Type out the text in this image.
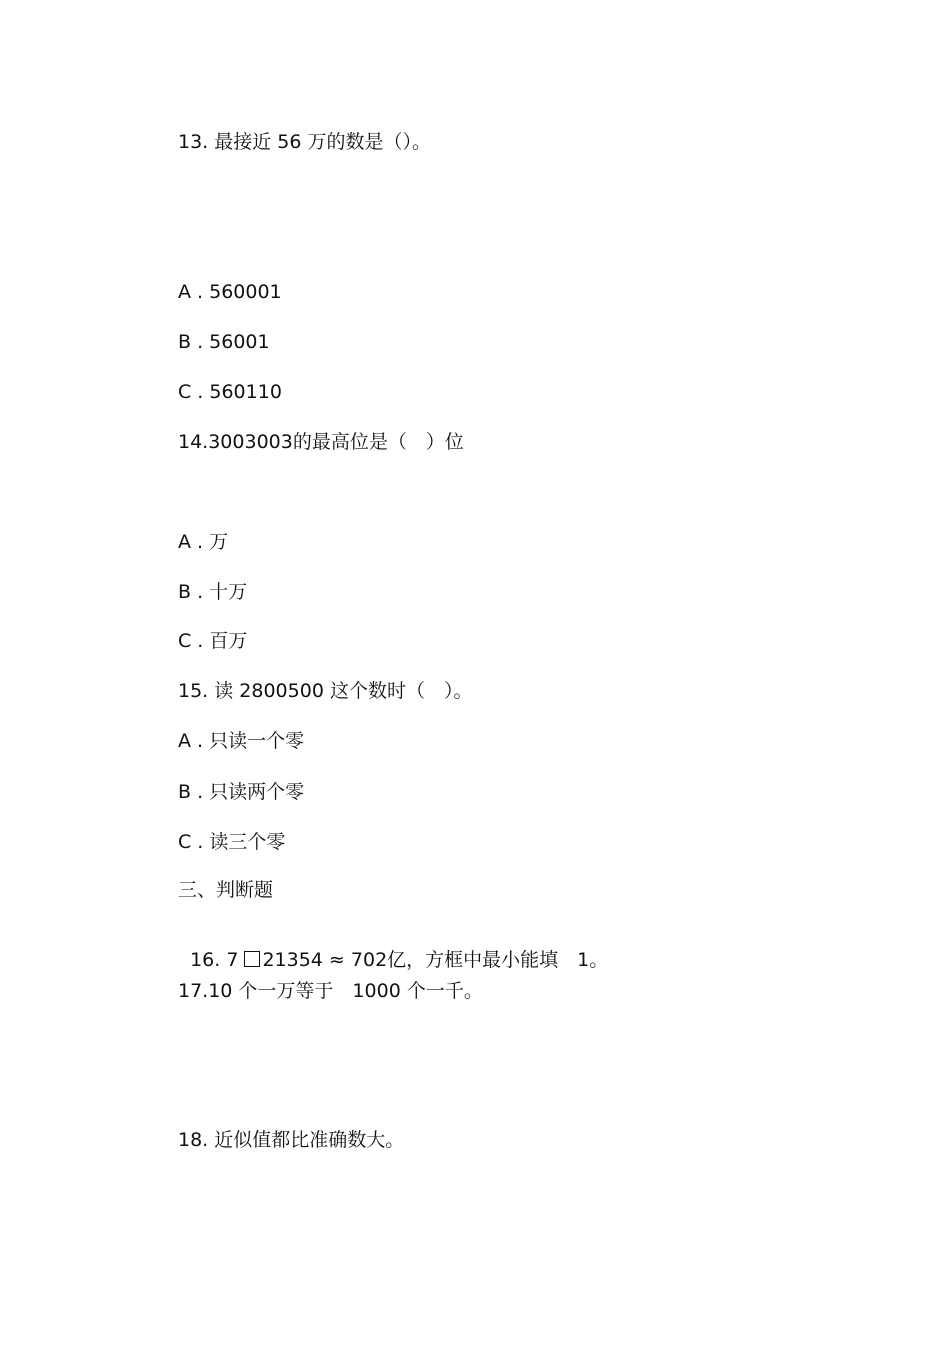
13. 最接近 56 万的数是（）。
A . 560001
B . 56001
C . 560110
14.3003003的最高位是（　）位
A . 万
B . 十万
C . 百万
15. 读 2800500 这个数时（　）。
A . 只读一个零
B . 只读两个零
C . 读三个零
三、判断题

16. 7 21354 ≈ 702亿，方框中最小能填　1。

17.10 个一万等于　1000 个一千。
18. 近似值都比准确数大。
